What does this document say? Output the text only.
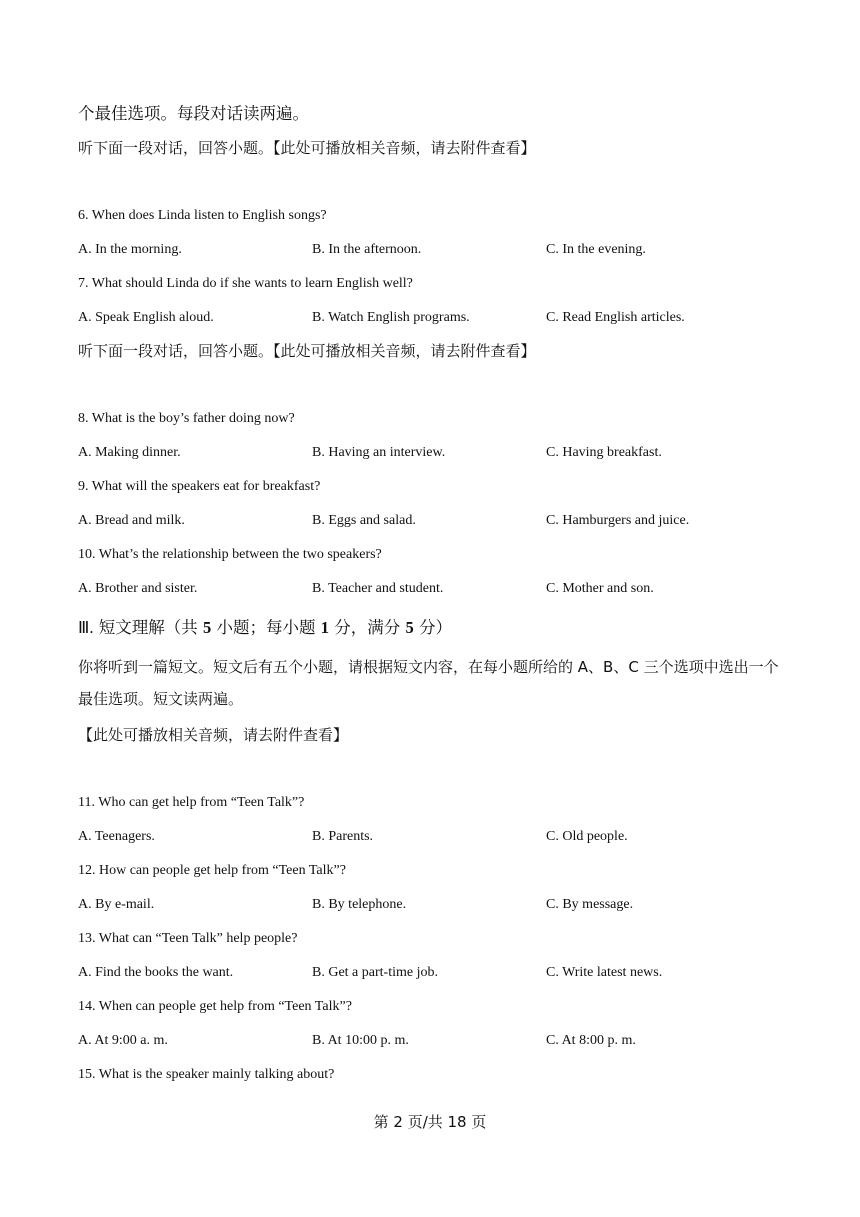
个最佳选项。每段对话读两遍。
听下面一段对话，回答小题。【此处可播放相关音频，请去附件查看】
6. When does Linda listen to English songs?
A. In the morning.	B. In the afternoon.	C. In the evening.
7. What should Linda do if she wants to learn English well?
A. Speak English aloud.	B. Watch English programs.	C. Read English articles.
听下面一段对话，回答小题。【此处可播放相关音频，请去附件查看】
8. What is the boy’s father doing now?
A. Making dinner.	B. Having an interview.	C. Having breakfast.
9. What will the speakers eat for breakfast?
A. Bread and milk.	B. Eggs and salad.	C. Hamburgers and juice.
10. What’s the relationship between the two speakers?
A. Brother and sister.	B. Teacher and student.	C. Mother and son.
Ⅲ. 短文理解（共 5 小题；每小题 1 分，满分 5 分）
你将听到一篇短文。短文后有五个小题，请根据短文内容，在每小题所给的 A、B、C 三个选项中选出一个
最佳选项。短文读两遍。
【此处可播放相关音频，请去附件查看】
11. Who can get help from “Teen Talk”?
A. Teenagers.	B. Parents.	C. Old people.
12. How can people get help from “Teen Talk”?
A. By e-mail.	B. By telephone.	C. By message.
13. What can “Teen Talk” help people?
A. Find the books the want.	B. Get a part-time job.	C. Write latest news.
14. When can people get help from “Teen Talk”?
A. At 9:00 a. m.	B. At 10:00 p. m.	C. At 8:00 p. m.
15. What is the speaker mainly talking about?
第 2 页/共 18 页
